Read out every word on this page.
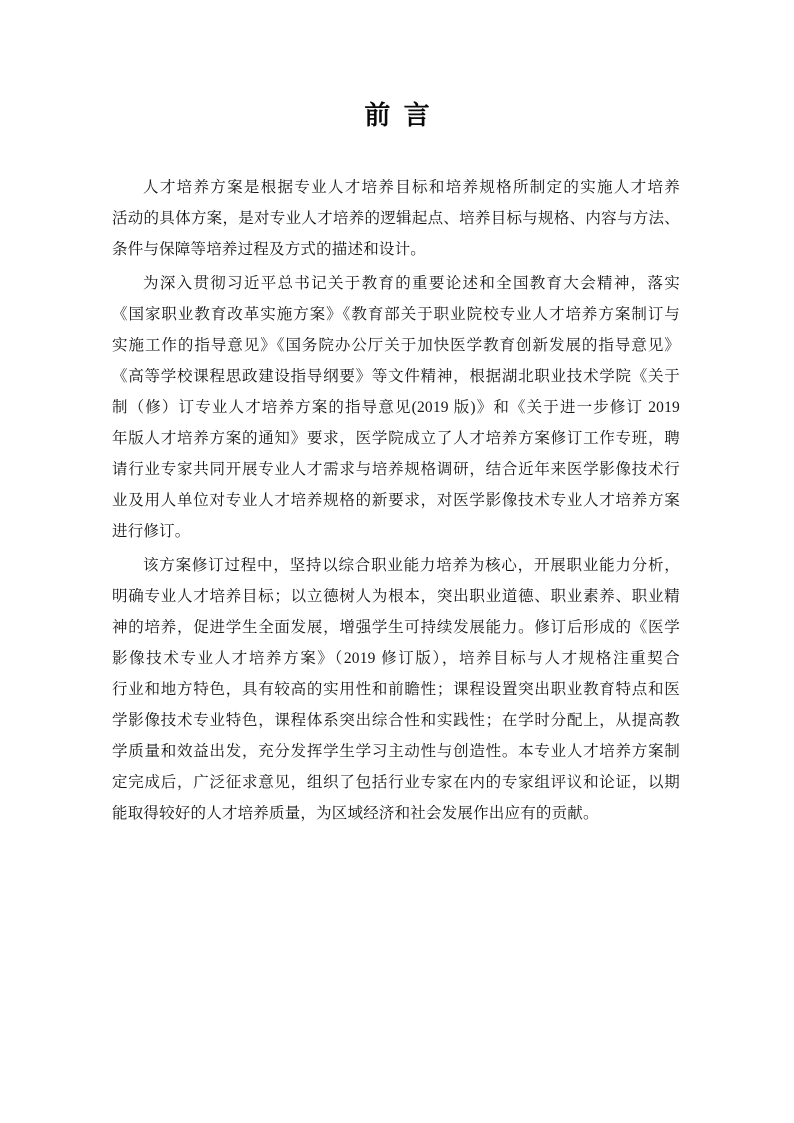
前 言
人才培养方案是根据专业人才培养目标和培养规格所制定的实施人才培养
活动的具体方案，是对专业人才培养的逻辑起点、培养目标与规格、内容与方法、
条件与保障等培养过程及方式的描述和设计。
为深入贯彻习近平总书记关于教育的重要论述和全国教育大会精神，落实
《国家职业教育改革实施方案》《教育部关于职业院校专业人才培养方案制订与
实施工作的指导意见》《国务院办公厅关于加快医学教育创新发展的指导意见》
《高等学校课程思政建设指导纲要》等文件精神，根据湖北职业技术学院《关于
制（修）订专业人才培养方案的指导意见(2019 版)》和《关于进一步修订 2019
年版人才培养方案的通知》要求，医学院成立了人才培养方案修订工作专班，聘
请行业专家共同开展专业人才需求与培养规格调研，结合近年来医学影像技术行
业及用人单位对专业人才培养规格的新要求，对医学影像技术专业人才培养方案
进行修订。
该方案修订过程中，坚持以综合职业能力培养为核心，开展职业能力分析，
明确专业人才培养目标；以立德树人为根本，突出职业道德、职业素养、职业精
神的培养，促进学生全面发展，增强学生可持续发展能力。修订后形成的《医学
影像技术专业人才培养方案》（2019 修订版），培养目标与人才规格注重契合
行业和地方特色，具有较高的实用性和前瞻性；课程设置突出职业教育特点和医
学影像技术专业特色，课程体系突出综合性和实践性；在学时分配上，从提高教
学质量和效益出发，充分发挥学生学习主动性与创造性。本专业人才培养方案制
定完成后，广泛征求意见，组织了包括行业专家在内的专家组评议和论证，以期
能取得较好的人才培养质量，为区域经济和社会发展作出应有的贡献。
